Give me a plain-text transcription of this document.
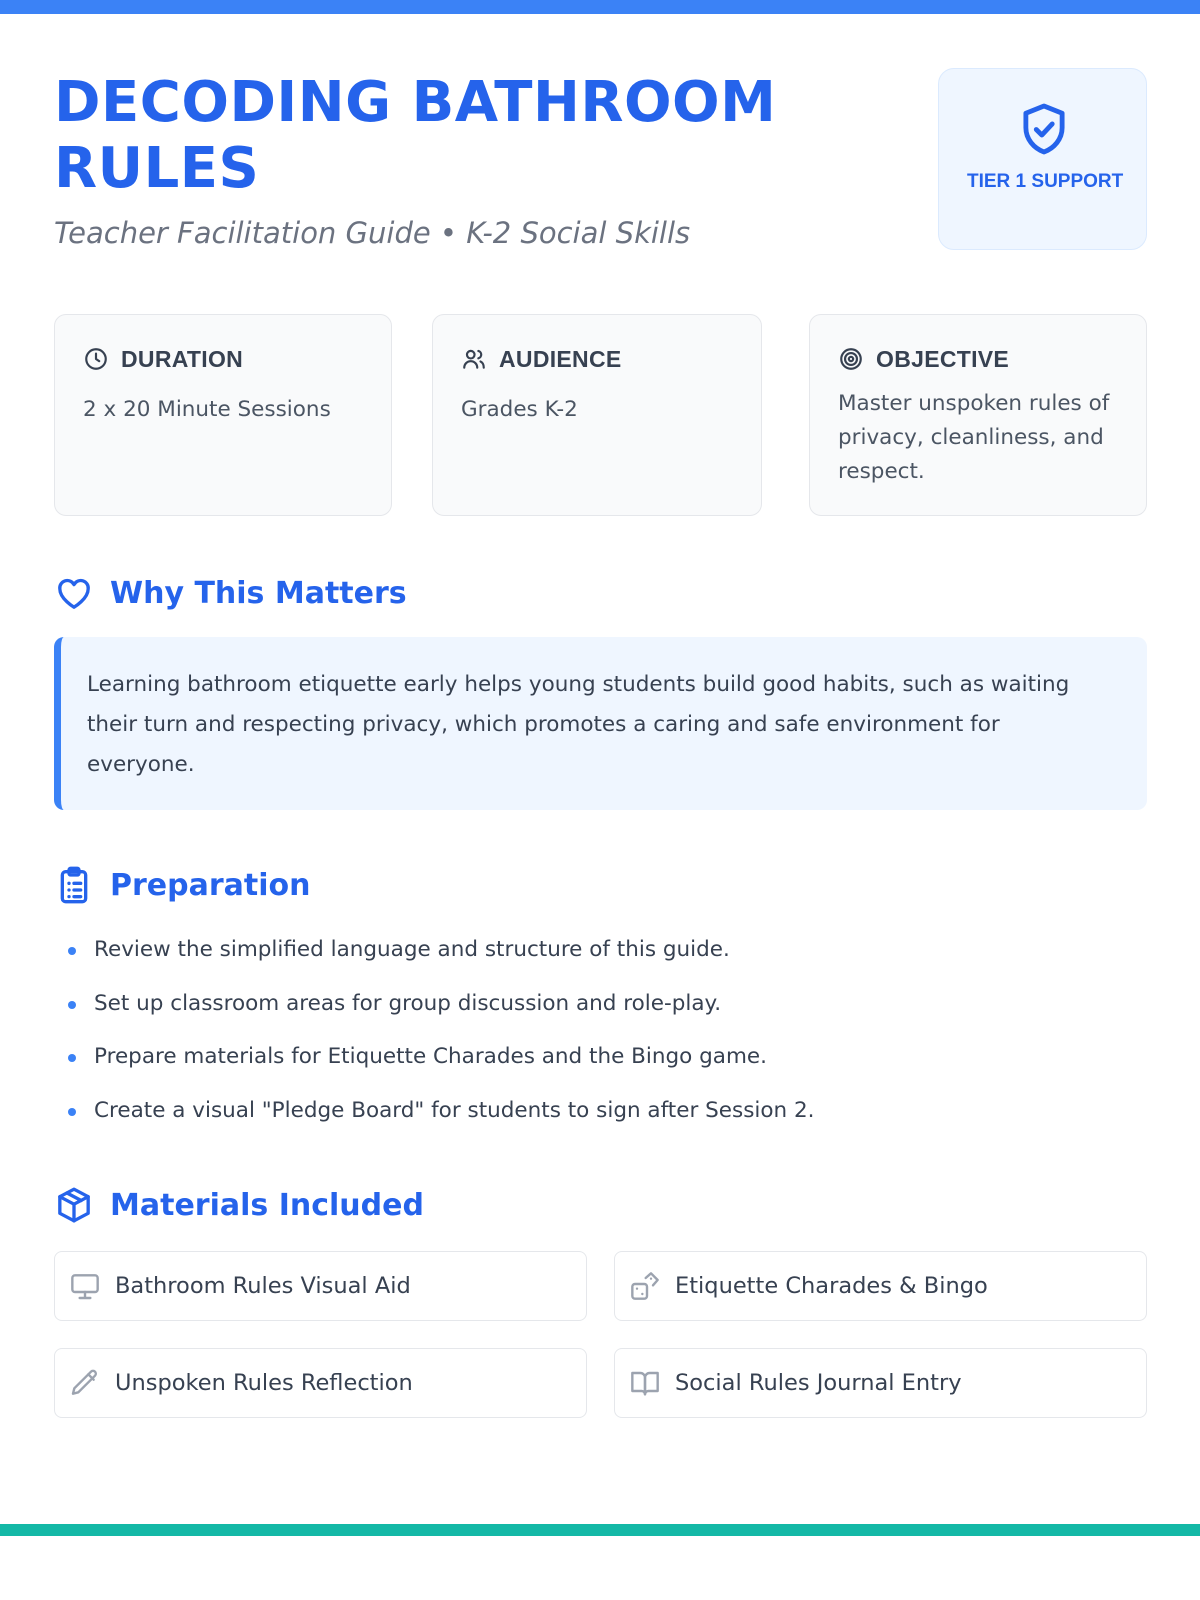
DECODING BATHROOM RULES
Teacher Facilitation Guide • K-2 Social Skills
TIER 1 SUPPORT
DURATION
2 x 20 Minute Sessions
AUDIENCE
Grades K-2
OBJECTIVE
Master unspoken rules of privacy, cleanliness, and respect.
Why This Matters

Learning bathroom etiquette early helps young students build good habits, such as waiting their turn and respecting privacy, which promotes a caring and safe environment for everyone.

Preparation
Review the simplified language and structure of this guide.
Set up classroom areas for group discussion and role-play.
Prepare materials for Etiquette Charades and the Bingo game.
Create a visual "Pledge Board" for students to sign after Session 2.
Materials Included
Bathroom Rules Visual Aid	Etiquette Charades & Bingo
Unspoken Rules Reflection	Social Rules Journal Entry
